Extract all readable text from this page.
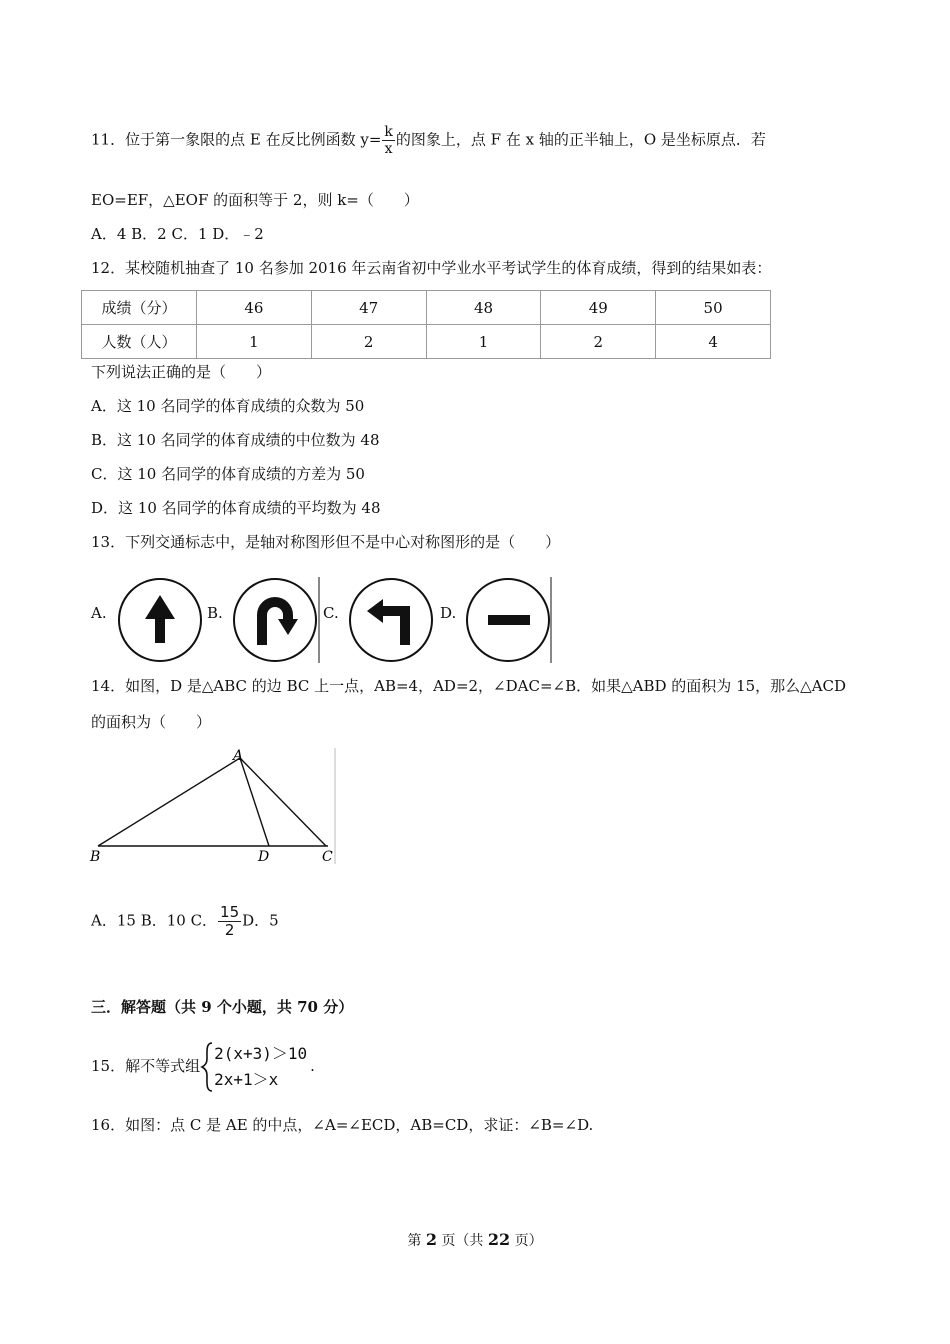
11．位于第一象限的点 E 在反比例函数 $y= \frac{k}{x}$ 的图象上，点 F 在 x 轴的正半轴上，O 是坐标原点．若
EO=EF，△EOF 的面积等于 2，则 k=（　　）
A．4 B．2 C．1 D．﹣2
12．某校随机抽查了 10 名参加 2016 年云南省初中学业水平考试学生的体育成绩，得到的结果如表：
成绩（分）	46	47	48	49	50
人数（人）	1	2	1	2	4
下列说法正确的是（　　）
A．这 10 名同学的体育成绩的众数为 50
B．这 10 名同学的体育成绩的中位数为 48
C．这 10 名同学的体育成绩的方差为 50
D．这 10 名同学的体育成绩的平均数为 48
13．下列交通标志中，是轴对称图形但不是中心对称图形的是（　　）
A.	B.	C.	D.
14．如图，D 是△ABC 的边 BC 上一点，AB=4，AD=2，∠DAC=∠B．如果△ABD 的面积为 15，那么△ACD
的面积为（　　）
A
B	D	C
A．15 B．10 C． $\frac{15}{2}$ D．5
三．解答题（共 9 个小题，共 70 分）
15．解不等式组
2(x+3)＞10
2x+1＞x
.
16．如图：点 C 是 AE 的中点，∠A=∠ECD，AB=CD，求证：∠B=∠D.
第 2 页（共 22 页）
